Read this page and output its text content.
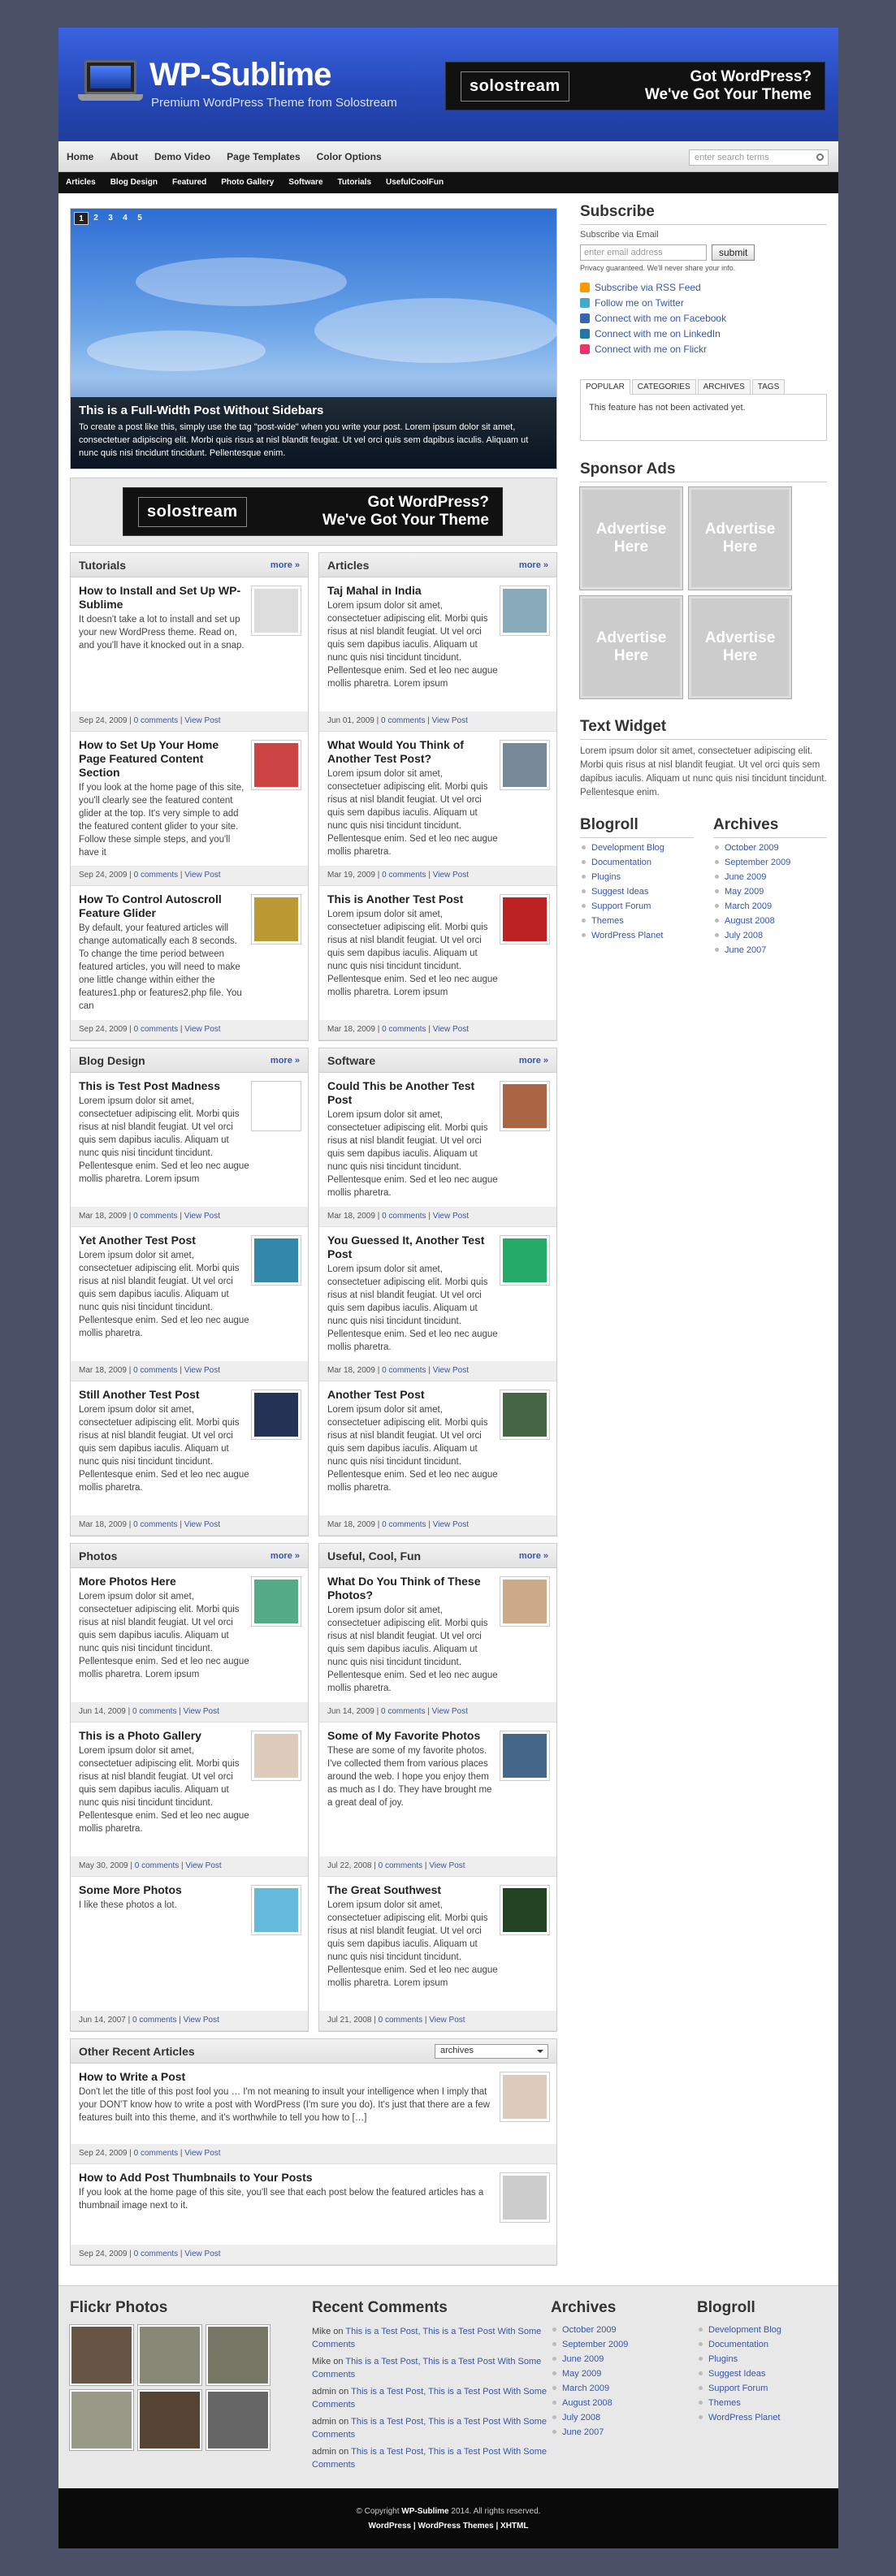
WP-Sublime
Premium WordPress Theme from Solostream
solostream	Got WordPress?
We've Got Your Theme
Home	About	Demo Video	Page Templates	Color Options	enter search terms
Articles	Blog Design	Featured	Photo Gallery	Software	Tutorials	UsefulCoolFun
1	2	3	4	5
This is a Full-Width Post Without Sidebars
To create a post like this, simply use the tag "post-wide" when you write your post. Lorem ipsum dolor sit amet, consectetuer adipiscing elit. Morbi quis risus at nisl blandit feugiat. Ut vel orci quis sem dapibus iaculis. Aliquam ut nunc quis nisi tincidunt tincidunt. Pellentesque enim.
solostream	Got WordPress?
We've Got Your Theme
Tutorials	more »
How to Install and Set Up WP-Sublime
It doesn't take a lot to install and set up your new WordPress theme. Read on, and you'll have it knocked out in a snap.
Sep 24, 2009 | 0 comments | View Post
How to Set Up Your Home Page Featured Content Section
If you look at the home page of this site, you'll clearly see the featured content glider at the top. It's very simple to add the featured content glider to your site. Follow these simple steps, and you'll have it
Sep 24, 2009 | 0 comments | View Post
How To Control Autoscroll Feature Glider
By default, your featured articles will change automatically each 8 seconds. To change the time period between featured articles, you will need to make one little change within either the features1.php or features2.php file. You can
Sep 24, 2009 | 0 comments | View Post
Articles	more »
Taj Mahal in India
Lorem ipsum dolor sit amet, consectetuer adipiscing elit. Morbi quis risus at nisl blandit feugiat. Ut vel orci quis sem dapibus iaculis. Aliquam ut nunc quis nisi tincidunt tincidunt. Pellentesque enim. Sed et leo nec augue mollis pharetra. Lorem ipsum
Jun 01, 2009 | 0 comments | View Post
What Would You Think of Another Test Post?
Lorem ipsum dolor sit amet, consectetuer adipiscing elit. Morbi quis risus at nisl blandit feugiat. Ut vel orci quis sem dapibus iaculis. Aliquam ut nunc quis nisi tincidunt tincidunt. Pellentesque enim. Sed et leo nec augue mollis pharetra.
Mar 19, 2009 | 0 comments | View Post
This is Another Test Post
Lorem ipsum dolor sit amet, consectetuer adipiscing elit. Morbi quis risus at nisl blandit feugiat. Ut vel orci quis sem dapibus iaculis. Aliquam ut nunc quis nisi tincidunt tincidunt. Pellentesque enim. Sed et leo nec augue mollis pharetra. Lorem ipsum
Mar 18, 2009 | 0 comments | View Post
Blog Design	more »
This is Test Post Madness
Lorem ipsum dolor sit amet, consectetuer adipiscing elit. Morbi quis risus at nisl blandit feugiat. Ut vel orci quis sem dapibus iaculis. Aliquam ut nunc quis nisi tincidunt tincidunt. Pellentesque enim. Sed et leo nec augue mollis pharetra. Lorem ipsum
Mar 18, 2009 | 0 comments | View Post
Yet Another Test Post
Lorem ipsum dolor sit amet, consectetuer adipiscing elit. Morbi quis risus at nisl blandit feugiat. Ut vel orci quis sem dapibus iaculis. Aliquam ut nunc quis nisi tincidunt tincidunt. Pellentesque enim. Sed et leo nec augue mollis pharetra.
Mar 18, 2009 | 0 comments | View Post
Still Another Test Post
Lorem ipsum dolor sit amet, consectetuer adipiscing elit. Morbi quis risus at nisl blandit feugiat. Ut vel orci quis sem dapibus iaculis. Aliquam ut nunc quis nisi tincidunt tincidunt. Pellentesque enim. Sed et leo nec augue mollis pharetra.
Mar 18, 2009 | 0 comments | View Post
Software	more »
Could This be Another Test Post
Lorem ipsum dolor sit amet, consectetuer adipiscing elit. Morbi quis risus at nisl blandit feugiat. Ut vel orci quis sem dapibus iaculis. Aliquam ut nunc quis nisi tincidunt tincidunt. Pellentesque enim. Sed et leo nec augue mollis pharetra.
Mar 18, 2009 | 0 comments | View Post
You Guessed It, Another Test Post
Lorem ipsum dolor sit amet, consectetuer adipiscing elit. Morbi quis risus at nisl blandit feugiat. Ut vel orci quis sem dapibus iaculis. Aliquam ut nunc quis nisi tincidunt tincidunt. Pellentesque enim. Sed et leo nec augue mollis pharetra.
Mar 18, 2009 | 0 comments | View Post
Another Test Post
Lorem ipsum dolor sit amet, consectetuer adipiscing elit. Morbi quis risus at nisl blandit feugiat. Ut vel orci quis sem dapibus iaculis. Aliquam ut nunc quis nisi tincidunt tincidunt. Pellentesque enim. Sed et leo nec augue mollis pharetra.
Mar 18, 2009 | 0 comments | View Post
Photos	more »
More Photos Here
Lorem ipsum dolor sit amet, consectetuer adipiscing elit. Morbi quis risus at nisl blandit feugiat. Ut vel orci quis sem dapibus iaculis. Aliquam ut nunc quis nisi tincidunt tincidunt. Pellentesque enim. Sed et leo nec augue mollis pharetra. Lorem ipsum
Jun 14, 2009 | 0 comments | View Post
This is a Photo Gallery
Lorem ipsum dolor sit amet, consectetuer adipiscing elit. Morbi quis risus at nisl blandit feugiat. Ut vel orci quis sem dapibus iaculis. Aliquam ut nunc quis nisi tincidunt tincidunt. Pellentesque enim. Sed et leo nec augue mollis pharetra.
May 30, 2009 | 0 comments | View Post
Some More Photos
I like these photos a lot.
Jun 14, 2007 | 0 comments | View Post
Useful, Cool, Fun	more »
What Do You Think of These Photos?
Lorem ipsum dolor sit amet, consectetuer adipiscing elit. Morbi quis risus at nisl blandit feugiat. Ut vel orci quis sem dapibus iaculis. Aliquam ut nunc quis nisi tincidunt tincidunt. Pellentesque enim. Sed et leo nec augue mollis pharetra.
Jun 14, 2009 | 0 comments | View Post
Some of My Favorite Photos
These are some of my favorite photos. I've collected them from various places around the web. I hope you enjoy them as much as I do. They have brought me a great deal of joy.
Jul 22, 2008 | 0 comments | View Post
The Great Southwest
Lorem ipsum dolor sit amet, consectetuer adipiscing elit. Morbi quis risus at nisl blandit feugiat. Ut vel orci quis sem dapibus iaculis. Aliquam ut nunc quis nisi tincidunt tincidunt. Pellentesque enim. Sed et leo nec augue mollis pharetra. Lorem ipsum
Jul 21, 2008 | 0 comments | View Post
Other Recent Articles	archives
How to Write a Post
Don't let the title of this post fool you … I'm not meaning to insult your intelligence when I imply that your DON'T know how to write a post with WordPress (I'm sure you do). It's just that there are a few features built into this theme, and it's worthwhile to tell you how to […]
Sep 24, 2009 | 0 comments | View Post
How to Add Post Thumbnails to Your Posts
If you look at the home page of this site, you'll see that each post below the featured articles has a thumbnail image next to it.
Sep 24, 2009 | 0 comments | View Post
Subscribe
Subscribe via Email
enter email address	submit
Privacy guaranteed. We'll never share your info.
Subscribe via RSS Feed
Follow me on Twitter
Connect with me on Facebook
Connect with me on LinkedIn
Connect with me on Flickr
POPULAR	CATEGORIES	ARCHIVES	TAGS
This feature has not been activated yet.
Sponsor Ads
Advertise Here
Advertise Here
Advertise Here
Advertise Here
Text Widget
Lorem ipsum dolor sit amet, consectetuer adipiscing elit. Morbi quis risus at nisl blandit feugiat. Ut vel orci quis sem dapibus iaculis. Aliquam ut nunc quis nisi tincidunt tincidunt. Pellentesque enim.
Blogroll
Development Blog
Documentation
Plugins
Suggest Ideas
Support Forum
Themes
WordPress Planet
Archives
October 2009
September 2009
June 2009
May 2009
March 2009
August 2008
July 2008
June 2007
Flickr Photos	Recent Comments
Mike on This is a Test Post, This is a Test Post With Some Comments
Mike on This is a Test Post, This is a Test Post With Some Comments
admin on This is a Test Post, This is a Test Post With Some Comments
admin on This is a Test Post, This is a Test Post With Some Comments
admin on This is a Test Post, This is a Test Post With Some Comments
Archives
October 2009
September 2009
June 2009
May 2009
March 2009
August 2008
July 2008
June 2007
Blogroll
Development Blog
Documentation
Plugins
Suggest Ideas
Support Forum
Themes
WordPress Planet
© Copyright WP-Sublime 2014. All rights reserved.
WordPress | WordPress Themes | XHTML
